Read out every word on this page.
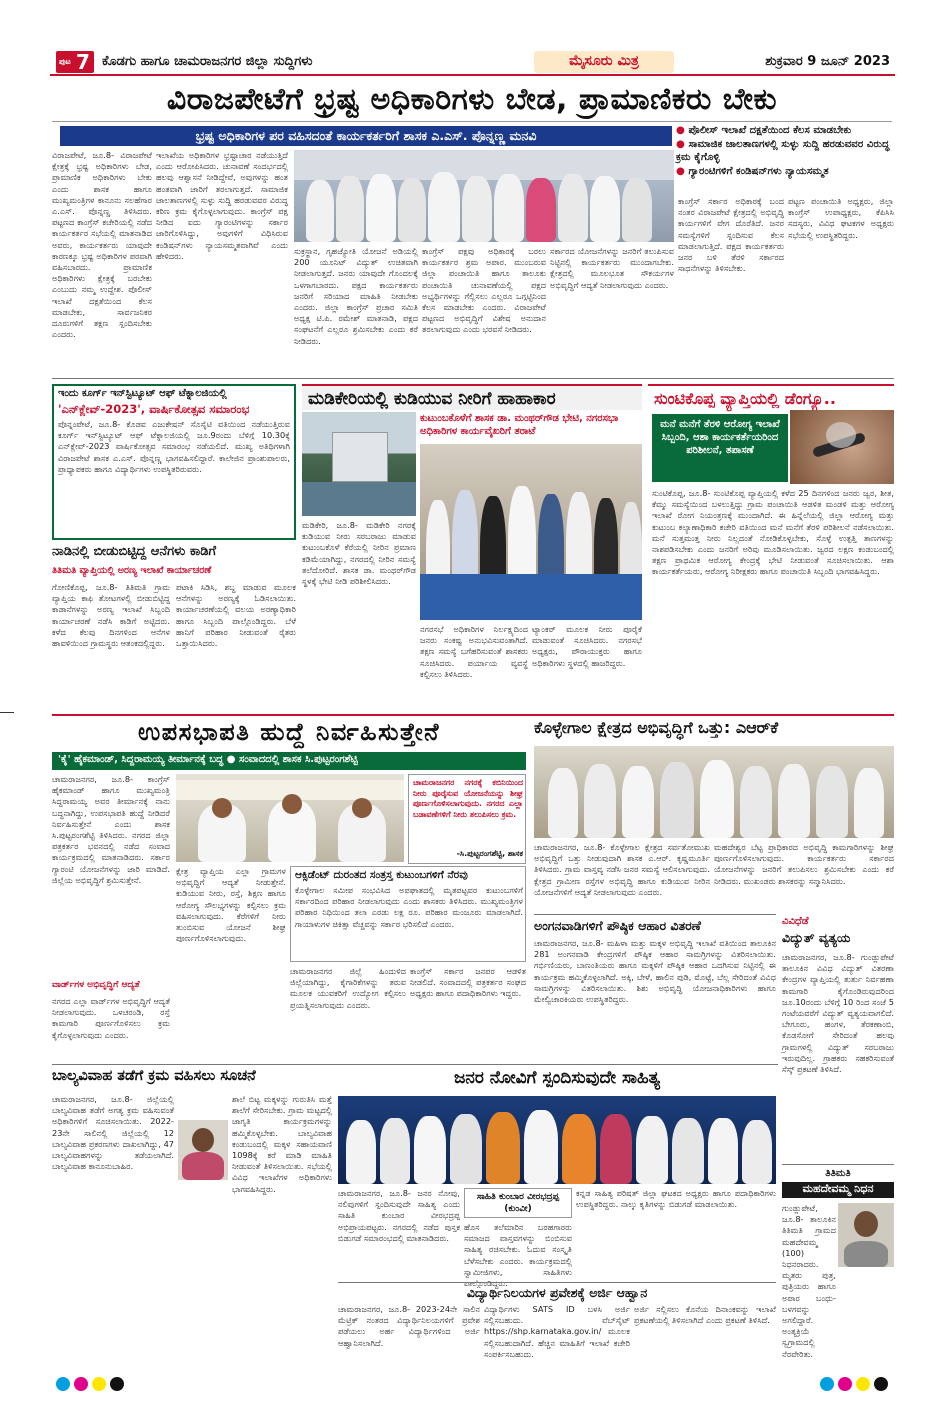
ಪುಟ 7 ಕೊಡಗು ಹಾಗೂ ಚಾಮರಾಜನಗರ ಜಿಲ್ಲಾ ಸುದ್ದಿಗಳು	ಮೈಸೂರು ಮಿತ್ರ	ಶುಕ್ರವಾರ 9 ಜೂನ್ 2023
ವಿರಾಜಪೇಟೆಗೆ ಭ್ರಷ್ಟ ಅಧಿಕಾರಿಗಳು ಬೇಡ, ಪ್ರಾಮಾಣಿಕರು ಬೇಕು
ಭ್ರಷ್ಟ ಅಧಿಕಾರಿಗಳ ಪರ ವಹಿಸದಂತೆ ಕಾರ್ಯಕರ್ತರಿಗೆ ಶಾಸಕ ಎ.ಎಸ್. ಪೊನ್ನಣ್ಣ ಮನವಿ	● ಪೊಲೀಸ್ ಇಲಾಖೆ ದಕ್ಷತೆಯಿಂದ ಕೆಲಸ ಮಾಡಬೇಕು
● ಸಾಮಾಜಿಕ ಜಾಲತಾಣಗಳಲ್ಲಿ ಸುಳ್ಳು ಸುದ್ದಿ ಹರಡುವವರ ವಿರುದ್ಧ ಕ್ರಮ ಕೈಗೊಳ್ಳಿ
● ಗ್ಯಾರಂಟಿಗಳಿಗೆ ಕಂಡಿಷನ್‌ಗಳು ನ್ಯಾಯಸಮ್ಮತ
ವಿರಾಜಪೇಟೆ, ಜೂ.8- ವಿರಾಜಪೇಟೆ ಕ್ಷೇತ್ರಕ್ಕೆ ಭ್ರಷ್ಟ ಅಧಿಕಾರಿಗಳು ಬೇಡ, ಪ್ರಾಮಾಣಿಕ ಅಧಿಕಾರಿಗಳು ಬೇಕು ಎಂದು ಶಾಸಕ ಹಾಗೂ ಮುಖ್ಯಮಂತ್ರಿಗಳ ಕಾನೂನು ಸಲಹೆಗಾರ ಎ.ಎಸ್. ಪೊನ್ನಣ್ಣ ತಿಳಿಸಿದರು. ಪಟ್ಟಣದ ಕಾಂಗ್ರೆಸ್ ಕಚೇರಿಯಲ್ಲಿ ನಡೆದ ಕಾರ್ಯಕರ್ತರ ಸಭೆಯಲ್ಲಿ ಮಾತನಾಡಿದ ಅವರು, ಕಾರ್ಯಕರ್ತರು ಯಾವುದೇ ಕಾರಣಕ್ಕೂ ಭ್ರಷ್ಟ ಅಧಿಕಾರಿಗಳ ಪರವಾಗಿ ವಹಿಸಬಾರದು. ಪ್ರಾಮಾಣಿಕ ಅಧಿಕಾರಿಗಳು ಕ್ಷೇತ್ರಕ್ಕೆ ಬರಬೇಕು ಎಂಬುದು ನಮ್ಮ ಉದ್ದೇಶ. ಪೊಲೀಸ್ ಇಲಾಖೆ ದಕ್ಷತೆಯಿಂದ ಕೆಲಸ ಮಾಡಬೇಕು, ಸಾರ್ವಜನಿಕರ ದೂರುಗಳಿಗೆ ತಕ್ಷಣ ಸ್ಪಂದಿಸಬೇಕು ಎಂದರು.
ಇಲಾಖೆಯ ಅಧಿಕಾರಿಗಳ ಭ್ರಷ್ಟಾಚಾರ ನಡೆಯುತ್ತಿದೆ ಎಂದು ಆರೋಪಿಸಿದರು. ಚುನಾವಣೆ ಸಂದರ್ಭದಲ್ಲಿ ಹಲವು ಆಶ್ವಾಸನೆ ನೀಡಿದ್ದೇವೆ, ಅವುಗಳನ್ನು ಹಂತ ಹಂತವಾಗಿ ಜಾರಿಗೆ ತರಲಾಗುತ್ತದೆ. ಸಾಮಾಜಿಕ ಜಾಲತಾಣಗಳಲ್ಲಿ ಸುಳ್ಳು ಸುದ್ದಿ ಹರಡುವವರ ವಿರುದ್ಧ ಕಠಿಣ ಕ್ರಮ ಕೈಗೊಳ್ಳಲಾಗುವುದು. ಕಾಂಗ್ರೆಸ್ ಪಕ್ಷ ನೀಡಿದ ಐದು ಗ್ಯಾರಂಟಿಗಳನ್ನು ಸರ್ಕಾರ ಜಾರಿಗೊಳಿಸಿದ್ದು, ಅವುಗಳಿಗೆ ವಿಧಿಸಿರುವ ಕಂಡಿಷನ್‌ಗಳು ನ್ಯಾಯಸಮ್ಮತವಾಗಿವೆ ಎಂದು ಹೇಳಿದರು.	ಸುಕ್ರಸ್ಥಾನ, ಗೃಹಜ್ಯೋತಿ ಯೋಜನೆ ಅಡಿಯಲ್ಲಿ 200 ಯೂನಿಟ್ ವಿದ್ಯುತ್ ಉಚಿತವಾಗಿ ನೀಡಲಾಗುತ್ತದೆ. ಜನರು ಯಾವುದೇ ಗೊಂದಲಕ್ಕೆ ಒಳಗಾಗಬಾರದು. ಪಕ್ಷದ ಕಾರ್ಯಕರ್ತರು ಜನರಿಗೆ ಸರಿಯಾದ ಮಾಹಿತಿ ನೀಡಬೇಕು ಎಂದರು. ಜಿಲ್ಲಾ ಕಾಂಗ್ರೆಸ್ ಪ್ರಚಾರ ಸಮಿತಿ ಅಧ್ಯಕ್ಷ ಟಿ.ಪಿ. ರಮೇಶ್ ಮಾತನಾಡಿ, ಪಕ್ಷದ ಸಂಘಟನೆಗೆ ಎಲ್ಲರೂ ಶ್ರಮಿಸಬೇಕು ಎಂದು ಕರೆ ನೀಡಿದರು.
ಕಾಂಗ್ರೆಸ್ ಪಕ್ಷವು ಅಧಿಕಾರಕ್ಕೆ ಬರಲು ಕಾರ್ಯಕರ್ತರ ಶ್ರಮ ಅಪಾರ. ಮುಂಬರುವ ಜಿಲ್ಲಾ ಪಂಚಾಯಿತಿ ಹಾಗೂ ತಾಲೂಕು ಪಂಚಾಯಿತಿ ಚುನಾವಣೆಯಲ್ಲಿ ಪಕ್ಷದ ಅಭ್ಯರ್ಥಿಗಳನ್ನು ಗೆಲ್ಲಿಸಲು ಎಲ್ಲರೂ ಒಗ್ಗಟ್ಟಿನಿಂದ ಕೆಲಸ ಮಾಡಬೇಕು ಎಂದರು. ವಿರಾಜಪೇಟೆ ಪಟ್ಟಣದ ಅಭಿವೃದ್ಧಿಗೆ ವಿಶೇಷ ಅನುದಾನ ತರಲಾಗುವುದು ಎಂದು ಭರವಸೆ ನೀಡಿದರು.
ಸರ್ಕಾರದ ಯೋಜನೆಗಳನ್ನು ಜನರಿಗೆ ತಲುಪಿಸುವ ನಿಟ್ಟಿನಲ್ಲಿ ಕಾರ್ಯಕರ್ತರು ಮುಂದಾಗಬೇಕು. ಕ್ಷೇತ್ರದಲ್ಲಿ ಮೂಲಭೂತ ಸೌಕರ್ಯಗಳ ಅಭಿವೃದ್ಧಿಗೆ ಆದ್ಯತೆ ನೀಡಲಾಗುವುದು ಎಂದರು.
ಕಾಂಗ್ರೆಸ್ ಸರ್ಕಾರ ಅಧಿಕಾರಕ್ಕೆ ಬಂದ ನಂತರ ವಿರಾಜಪೇಟೆ ಕ್ಷೇತ್ರದಲ್ಲಿ ಅಭಿವೃದ್ಧಿ ಕಾರ್ಯಗಳಿಗೆ ವೇಗ ದೊರೆತಿದೆ. ಜನರ ಸಮಸ್ಯೆಗಳಿಗೆ ಸ್ಪಂದಿಸುವ ಕೆಲಸ ಮಾಡಲಾಗುತ್ತಿದೆ. ಪಕ್ಷದ ಕಾರ್ಯಕರ್ತರು ಜನರ ಬಳಿ ತೆರಳಿ ಸರ್ಕಾರದ ಸಾಧನೆಗಳನ್ನು ತಿಳಿಸಬೇಕು.
ಪಟ್ಟಣ ಪಂಚಾಯಿತಿ ಅಧ್ಯಕ್ಷರು, ಜಿಲ್ಲಾ ಕಾಂಗ್ರೆಸ್ ಉಪಾಧ್ಯಕ್ಷರು, ಕೆಪಿಸಿಸಿ ಸದಸ್ಯರು, ವಿವಿಧ ಘಟಕಗಳ ಅಧ್ಯಕ್ಷರು ಸಭೆಯಲ್ಲಿ ಉಪಸ್ಥಿತರಿದ್ದರು.
ಇಂದು ಕೂರ್ಗ್ ಇನ್‌ಸ್ಟಿಟ್ಯೂಟ್ ಆಫ್ ಟೆಕ್ನಾಲಜಿಯಲ್ಲಿ
'ಎನ್‌ಕ್ಲೇವ್-2023', ವಾರ್ಷಿಕೋತ್ಸವ ಸಮಾರಂಭ
ಪೊನ್ನಂಪೇಟೆ, ಜೂ.8- ಕೊಡವ ಎಜುಕೇಷನ್ ಸೊಸೈಟಿ ವತಿಯಿಂದ ನಡೆಯುತ್ತಿರುವ ಕೂರ್ಗ್ ಇನ್‌ಸ್ಟಿಟ್ಯೂಟ್ ಆಫ್ ಟೆಕ್ನಾಲಜಿಯಲ್ಲಿ ಜೂ.9ರಂದು ಬೆಳಿಗ್ಗೆ 10.30ಕ್ಕೆ ಎನ್‌ಕ್ಲೇವ್-2023 ವಾರ್ಷಿಕೋತ್ಸವ ಸಮಾರಂಭ ನಡೆಯಲಿದೆ. ಮುಖ್ಯ ಅತಿಥಿಗಳಾಗಿ ವಿರಾಜಪೇಟೆ ಶಾಸಕ ಎ.ಎಸ್. ಪೊನ್ನಣ್ಣ ಭಾಗವಹಿಸಲಿದ್ದಾರೆ. ಕಾಲೇಜಿನ ಪ್ರಾಂಶುಪಾಲರು, ಪ್ರಾಧ್ಯಾಪಕರು ಹಾಗೂ ವಿದ್ಯಾರ್ಥಿಗಳು ಉಪಸ್ಥಿತರಿರುವರು.
ಮಡಿಕೇರಿಯಲ್ಲಿ ಕುಡಿಯುವ ನೀರಿಗೆ ಹಾಹಾಕಾರ
ಕುಟುಂಬಕೊಳೆಗೆ ಶಾಸಕ ಡಾ. ಮಂಥರ್‌ಗೌಡ ಭೇಟಿ, ನಗರಸಭಾ ಅಧಿಕಾರಿಗಳ ಕಾರ್ಯವೈಖರಿಗೆ ತರಾಟೆ
ಮಡಿಕೇರಿ, ಜೂ.8- ಮಡಿಕೇರಿ ನಗರಕ್ಕೆ ಕುಡಿಯುವ ನೀರು ಸರಬರಾಜು ಮಾಡುವ ಕುಟುಂಬಕೊಳೆ ಕೆರೆಯಲ್ಲಿ ನೀರಿನ ಪ್ರಮಾಣ ಕಡಿಮೆಯಾಗಿದ್ದು, ನಗರದಲ್ಲಿ ನೀರಿನ ಸಮಸ್ಯೆ ತಲೆದೋರಿದೆ. ಶಾಸಕ ಡಾ. ಮಂಥರ್‌ಗೌಡ ಸ್ಥಳಕ್ಕೆ ಭೇಟಿ ನೀಡಿ ಪರಿಶೀಲಿಸಿದರು.
ನಗರಸಭೆ ಅಧಿಕಾರಿಗಳ ನಿರ್ಲಕ್ಷ್ಯದಿಂದ ಜನರು ಸಂಕಷ್ಟ ಅನುಭವಿಸುವಂತಾಗಿದೆ. ತಕ್ಷಣ ಸಮಸ್ಯೆ ಬಗೆಹರಿಸುವಂತೆ ಶಾಸಕರು ಸೂಚಿಸಿದರು. ಪರ್ಯಾಯ ವ್ಯವಸ್ಥೆ ಕಲ್ಪಿಸಲು ತಿಳಿಸಿದರು.
ಟ್ಯಾಂಕರ್ ಮೂಲಕ ನೀರು ಪೂರೈಕೆ ಮಾಡುವಂತೆ ಸೂಚಿಸಿದರು. ನಗರಸಭೆ ಅಧ್ಯಕ್ಷರು, ಪೌರಾಯುಕ್ತರು ಹಾಗೂ ಅಧಿಕಾರಿಗಳು ಸ್ಥಳದಲ್ಲಿ ಹಾಜರಿದ್ದರು.
ಸುಂಟಿಕೊಪ್ಪ ವ್ಯಾಪ್ತಿಯಲ್ಲಿ ಡೆಂಗ್ಯೂ..
ಮನೆ ಮನೆಗೆ ತೆರಳಿ ಆರೋಗ್ಯ ಇಲಾಖೆ ಸಿಬ್ಬಂದಿ, ಆಶಾ ಕಾರ್ಯಕರ್ತೆಯರಿಂದ ಪರಿಶೀಲನೆ, ತಪಾಸಣೆ
ಸುಂಟಿಕೊಪ್ಪ, ಜೂ.8- ಸುಂಟಿಕೊಪ್ಪ ವ್ಯಾಪ್ತಿಯಲ್ಲಿ ಕಳೆದ 25 ದಿನಗಳಿಂದ ಜನರು ಜ್ವರ, ಶೀತ, ಕೆಮ್ಮು ಸಮಸ್ಯೆಯಿಂದ ಬಳಲುತ್ತಿದ್ದು ಗ್ರಾಮ ಪಂಚಾಯಿತಿ ಆಡಳಿತ ಮಂಡಳಿ ಮತ್ತು ಆರೋಗ್ಯ ಇಲಾಖೆ ರೋಗ ನಿಯಂತ್ರಣಕ್ಕೆ ಮುಂದಾಗಿದೆ. ಈ ಹಿನ್ನೆಲೆಯಲ್ಲಿ ಜಿಲ್ಲಾ ಆರೋಗ್ಯ ಮತ್ತು ಕುಟುಂಬ ಕಲ್ಯಾಣಾಧಿಕಾರಿ ಕಚೇರಿ ವತಿಯಿಂದ ಮನೆ ಮನೆಗೆ ತೆರಳಿ ಪರಿಶೀಲನೆ ನಡೆಸಲಾಯಿತು. ಮನೆ ಸುತ್ತಮುತ್ತ ನೀರು ನಿಲ್ಲದಂತೆ ನೋಡಿಕೊಳ್ಳಬೇಕು, ಸೊಳ್ಳೆ ಉತ್ಪತ್ತಿ ತಾಣಗಳನ್ನು ನಾಶಪಡಿಸಬೇಕು ಎಂದು ಜನರಿಗೆ ಅರಿವು ಮೂಡಿಸಲಾಯಿತು. ಜ್ವರದ ಲಕ್ಷಣ ಕಂಡುಬಂದಲ್ಲಿ ತಕ್ಷಣ ಪ್ರಾಥಮಿಕ ಆರೋಗ್ಯ ಕೇಂದ್ರಕ್ಕೆ ಭೇಟಿ ನೀಡುವಂತೆ ಸೂಚಿಸಲಾಯಿತು. ಆಶಾ ಕಾರ್ಯಕರ್ತೆಯರು, ಆರೋಗ್ಯ ನಿರೀಕ್ಷಕರು ಹಾಗೂ ಪಂಚಾಯಿತಿ ಸಿಬ್ಬಂದಿ ಭಾಗವಹಿಸಿದ್ದರು.
ನಾಡಿನಲ್ಲಿ ಬೀಡುಬಿಟ್ಟಿದ್ದ ಆನೆಗಳು ಕಾಡಿಗೆ
ತಿತಿಮತಿ ವ್ಯಾಪ್ತಿಯಲ್ಲಿ ಅರಣ್ಯ ಇಲಾಖೆ ಕಾರ್ಯಾಚರಣೆ
ಗೋಣಿಕೊಪ್ಪ, ಜೂ.8- ತಿತಿಮತಿ ಗ್ರಾಮ ವ್ಯಾಪ್ತಿಯ ಕಾಫಿ ತೋಟಗಳಲ್ಲಿ ಬೀಡುಬಿಟ್ಟಿದ್ದ ಕಾಡಾನೆಗಳನ್ನು ಅರಣ್ಯ ಇಲಾಖೆ ಸಿಬ್ಬಂದಿ ಕಾರ್ಯಾಚರಣೆ ನಡೆಸಿ ಕಾಡಿಗೆ ಅಟ್ಟಿದರು. ಕಳೆದ ಕೆಲವು ದಿನಗಳಿಂದ ಆನೆಗಳ ಹಾವಳಿಯಿಂದ ಗ್ರಾಮಸ್ಥರು ಆತಂಕದಲ್ಲಿದ್ದರು.
ಪಟಾಕಿ ಸಿಡಿಸಿ, ಶಬ್ದ ಮಾಡುವ ಮೂಲಕ ಆನೆಗಳನ್ನು ಅರಣ್ಯಕ್ಕೆ ಓಡಿಸಲಾಯಿತು. ಕಾರ್ಯಾಚರಣೆಯಲ್ಲಿ ವಲಯ ಅರಣ್ಯಾಧಿಕಾರಿ ಹಾಗೂ ಸಿಬ್ಬಂದಿ ಪಾಲ್ಗೊಂಡಿದ್ದರು. ಬೆಳೆ ಹಾನಿಗೆ ಪರಿಹಾರ ನೀಡುವಂತೆ ರೈತರು ಒತ್ತಾಯಿಸಿದರು.
ಉಪಸಭಾಪತಿ ಹುದ್ದೆ ನಿರ್ವಹಿಸುತ್ತೇನೆ
'ಕೈ' ಹೈಕಮಾಂಡ್, ಸಿದ್ದರಾಮಯ್ಯ ತೀರ್ಮಾನಕ್ಕೆ ಬದ್ಧ ● ಸಂವಾದದಲ್ಲಿ ಶಾಸಕ ಸಿ.ಪುಟ್ಟರಂಗಶೆಟ್ಟಿ
ಚಾಮರಾಜನಗರ, ಜೂ.8- ಕಾಂಗ್ರೆಸ್ ಹೈಕಮಾಂಡ್ ಹಾಗೂ ಮುಖ್ಯಮಂತ್ರಿ ಸಿದ್ದರಾಮಯ್ಯ ಅವರ ತೀರ್ಮಾನಕ್ಕೆ ನಾನು ಬದ್ಧನಾಗಿದ್ದು, ಉಪಸಭಾಪತಿ ಹುದ್ದೆ ನೀಡಿದರೆ ನಿರ್ವಹಿಸುತ್ತೇನೆ ಎಂದು ಶಾಸಕ ಸಿ.ಪುಟ್ಟರಂಗಶೆಟ್ಟಿ ತಿಳಿಸಿದರು. ನಗರದ ಜಿಲ್ಲಾ ಪತ್ರಕರ್ತರ ಭವನದಲ್ಲಿ ನಡೆದ ಸಂವಾದ ಕಾರ್ಯಕ್ರಮದಲ್ಲಿ ಮಾತನಾಡಿದರು. ಸರ್ಕಾರ ಗ್ಯಾರಂಟಿ ಯೋಜನೆಗಳನ್ನು ಜಾರಿ ಮಾಡಿದೆ. ಜಿಲ್ಲೆಯ ಅಭಿವೃದ್ಧಿಗೆ ಶ್ರಮಿಸುತ್ತೇನೆ.
ವಾರ್ಡ್‌ಗಳ ಅಭಿವೃದ್ಧಿಗೆ ಆದ್ಯತೆ
ನಗರದ ಎಲ್ಲಾ ವಾರ್ಡ್‌ಗಳ ಅಭಿವೃದ್ಧಿಗೆ ಆದ್ಯತೆ ನೀಡಲಾಗುವುದು. ಒಳಚರಂಡಿ, ರಸ್ತೆ ಕಾಮಗಾರಿ ಪೂರ್ಣಗೊಳಿಸಲು ಕ್ರಮ ಕೈಗೊಳ್ಳಲಾಗುವುದು ಎಂದರು.
ಚಾಮರಾಜನಗರ ನಗರಕ್ಕೆ ಕಬಿನಿಯಿಂದ ನೀರು ಪೂರೈಸುವ ಯೋಜನೆಯನ್ನು ಶೀಘ್ರ ಪೂರ್ಣಗೊಳಿಸಲಾಗುವುದು. ನಗರದ ಎಲ್ಲಾ ಬಡಾವಣೆಗಳಿಗೆ ನೀರು ತಲುಪಿಸಲು ಕ್ರಮ.
-ಸಿ.ಪುಟ್ಟರಂಗಶೆಟ್ಟಿ, ಶಾಸಕ
ಕ್ಷೇತ್ರ ವ್ಯಾಪ್ತಿಯ ಎಲ್ಲಾ ಗ್ರಾಮಗಳ ಅಭಿವೃದ್ಧಿಗೆ ಆದ್ಯತೆ ನೀಡುತ್ತೇನೆ. ಕುಡಿಯುವ ನೀರು, ರಸ್ತೆ, ಶಿಕ್ಷಣ ಹಾಗೂ ಆರೋಗ್ಯ ಸೌಲಭ್ಯಗಳನ್ನು ಕಲ್ಪಿಸಲು ಕ್ರಮ ವಹಿಸಲಾಗುವುದು. ಕೆರೆಗಳಿಗೆ ನೀರು ತುಂಬಿಸುವ ಯೋಜನೆ ಶೀಘ್ರ ಪೂರ್ಣಗೊಳಿಸಲಾಗುವುದು.
ಆಕ್ಸಿಡೆಂಟ್ ದುರಂತದ ಸಂತ್ರಸ್ತ ಕುಟುಂಬಗಳಿಗೆ ನೆರವು
ಕೊಳ್ಳೇಗಾಲ ಸಮೀಪ ಸಂಭವಿಸಿದ ಅಪಘಾತದಲ್ಲಿ ಮೃತಪಟ್ಟವರ ಕುಟುಂಬಗಳಿಗೆ ಸರ್ಕಾರದಿಂದ ಪರಿಹಾರ ನೀಡಲಾಗುವುದು ಎಂದು ಶಾಸಕರು ತಿಳಿಸಿದರು. ಮುಖ್ಯಮಂತ್ರಿಗಳ ಪರಿಹಾರ ನಿಧಿಯಿಂದ ತಲಾ ಎರಡು ಲಕ್ಷ ರೂ. ಪರಿಹಾರ ಮಂಜೂರು ಮಾಡಲಾಗಿದೆ. ಗಾಯಾಳುಗಳ ಚಿಕಿತ್ಸಾ ವೆಚ್ಚವನ್ನು ಸರ್ಕಾರ ಭರಿಸಲಿದೆ ಎಂದರು.
ಚಾಮರಾಜನಗರ ಜಿಲ್ಲೆ ಹಿಂದುಳಿದ ಜಿಲ್ಲೆಯಾಗಿದ್ದು, ಕೈಗಾರಿಕೆಗಳನ್ನು ತರುವ ಮೂಲಕ ಯುವಕರಿಗೆ ಉದ್ಯೋಗ ಕಲ್ಪಿಸಲು ಪ್ರಯತ್ನಿಸಲಾಗುವುದು ಎಂದರು.
ಕಾಂಗ್ರೆಸ್ ಸರ್ಕಾರ ಜನಪರ ಆಡಳಿತ ನೀಡಲಿದೆ. ಸಂವಾದದಲ್ಲಿ ಪತ್ರಕರ್ತರ ಸಂಘದ ಅಧ್ಯಕ್ಷರು ಹಾಗೂ ಪದಾಧಿಕಾರಿಗಳು ಇದ್ದರು.
ಕೊಳ್ಳೇಗಾಲ ಕ್ಷೇತ್ರದ ಅಭಿವೃದ್ಧಿಗೆ ಒತ್ತು: ಎಆರ್‌ಕೆ
ಚಾಮರಾಜನಗರ, ಜೂ.8- ಕೊಳ್ಳೇಗಾಲ ಕ್ಷೇತ್ರದ ಸರ್ವತೋಮುಖ ಅಭಿವೃದ್ಧಿಗೆ ಒತ್ತು ನೀಡುವುದಾಗಿ ಶಾಸಕ ಎ.ಆರ್. ಕೃಷ್ಣಮೂರ್ತಿ ತಿಳಿಸಿದರು. ಗ್ರಾಮ ವಾಸ್ತವ್ಯ ನಡೆಸಿ ಜನರ ಸಮಸ್ಯೆ ಆಲಿಸಲಾಗುವುದು. ಕ್ಷೇತ್ರದ ಗ್ರಾಮೀಣ ರಸ್ತೆಗಳ ಅಭಿವೃದ್ಧಿ ಹಾಗೂ ಕುಡಿಯುವ ನೀರಿನ ಯೋಜನೆಗಳಿಗೆ ಆದ್ಯತೆ ನೀಡಲಾಗುವುದು ಎಂದರು.
ಮಹದೇಶ್ವರ ಬೆಟ್ಟ ಪ್ರಾಧಿಕಾರದ ಅಭಿವೃದ್ಧಿ ಕಾಮಗಾರಿಗಳನ್ನು ಶೀಘ್ರ ಪೂರ್ಣಗೊಳಿಸಲಾಗುವುದು. ಕಾರ್ಯಕರ್ತರು ಸರ್ಕಾರದ ಯೋಜನೆಗಳನ್ನು ಜನರಿಗೆ ತಲುಪಿಸಲು ಶ್ರಮಿಸಬೇಕು ಎಂದು ಕರೆ ನೀಡಿದರು. ಮುಖಂಡರು ಶಾಸಕರನ್ನು ಸನ್ಮಾನಿಸಿದರು.
ಅಂಗನವಾಡಿಗಳಿಗೆ ಪೌಷ್ಠಿಕ ಆಹಾರ ವಿತರಣೆ
ಚಾಮರಾಜನಗರ, ಜೂ.8- ಮಹಿಳಾ ಮತ್ತು ಮಕ್ಕಳ ಅಭಿವೃದ್ಧಿ ಇಲಾಖೆ ವತಿಯಿಂದ ತಾಲೂಕಿನ 281 ಅಂಗನವಾಡಿ ಕೇಂದ್ರಗಳಿಗೆ ಪೌಷ್ಠಿಕ ಆಹಾರ ಸಾಮಗ್ರಿಗಳನ್ನು ವಿತರಿಸಲಾಯಿತು. ಗರ್ಭಿಣಿಯರು, ಬಾಣಂತಿಯರು ಹಾಗೂ ಮಕ್ಕಳಿಗೆ ಪೌಷ್ಠಿಕ ಆಹಾರ ಒದಗಿಸುವ ನಿಟ್ಟಿನಲ್ಲಿ ಈ ಕಾರ್ಯಕ್ರಮ ಹಮ್ಮಿಕೊಳ್ಳಲಾಗಿದೆ. ಅಕ್ಕಿ, ಬೇಳೆ, ಹಾಲಿನ ಪುಡಿ, ಮೊಟ್ಟೆ, ಬೆಲ್ಲ ಸೇರಿದಂತೆ ವಿವಿಧ ಸಾಮಗ್ರಿಗಳನ್ನು ವಿತರಿಸಲಾಯಿತು. ಶಿಶು ಅಭಿವೃದ್ಧಿ ಯೋಜನಾಧಿಕಾರಿಗಳು ಹಾಗೂ ಮೇಲ್ವಿಚಾರಕಿಯರು ಉಪಸ್ಥಿತರಿದ್ದರು.
ವಿವಿಧೆಡೆ
ವಿದ್ಯುತ್ ವ್ಯತ್ಯಯ
ಚಾಮರಾಜನಗರ, ಜೂ.8- ಗುಂಡ್ಲುಪೇಟೆ ತಾಲೂಕಿನ ವಿವಿಧ ವಿದ್ಯುತ್ ವಿತರಣಾ ಕೇಂದ್ರಗಳ ವ್ಯಾಪ್ತಿಯಲ್ಲಿ ತುರ್ತು ನಿರ್ವಹಣಾ ಕಾಮಗಾರಿ ಕೈಗೊಂಡಿರುವುದರಿಂದ ಜೂ.10ರಂದು ಬೆಳಿಗ್ಗೆ 10 ರಿಂದ ಸಂಜೆ 5 ಗಂಟೆಯವರೆಗೆ ವಿದ್ಯುತ್ ವ್ಯತ್ಯಯವಾಗಲಿದೆ. ಬೇಗೂರು, ಹಂಗಳ, ತೆರಕಣಾಂಬಿ, ಕೊಡಸೋಗೆ ಸೇರಿದಂತೆ ಹಲವು ಗ್ರಾಮಗಳಲ್ಲಿ ವಿದ್ಯುತ್ ಸರಬರಾಜು ಇರುವುದಿಲ್ಲ. ಗ್ರಾಹಕರು ಸಹಕರಿಸುವಂತೆ ಸೆಸ್ಕ್ ಪ್ರಕಟಣೆ ತಿಳಿಸಿದೆ.
ಬಾಲ್ಯವಿವಾಹ ತಡೆಗೆ ಕ್ರಮ ವಹಿಸಲು ಸೂಚನೆ
ಚಾಮರಾಜನಗರ, ಜೂ.8- ಜಿಲ್ಲೆಯಲ್ಲಿ ಬಾಲ್ಯವಿವಾಹ ತಡೆಗೆ ಅಗತ್ಯ ಕ್ರಮ ವಹಿಸುವಂತೆ ಅಧಿಕಾರಿಗಳಿಗೆ ಸೂಚಿಸಲಾಯಿತು. 2022-23ನೇ ಸಾಲಿನಲ್ಲಿ ಜಿಲ್ಲೆಯಲ್ಲಿ 12 ಬಾಲ್ಯವಿವಾಹ ಪ್ರಕರಣಗಳು ದಾಖಲಾಗಿದ್ದು, 47 ಬಾಲ್ಯವಿವಾಹಗಳನ್ನು ತಡೆಯಲಾಗಿದೆ. ಬಾಲ್ಯವಿವಾಹ ಕಾನೂನುಬಾಹಿರ.
ಶಾಲೆ ಬಿಟ್ಟ ಮಕ್ಕಳನ್ನು ಗುರುತಿಸಿ ಮತ್ತೆ ಶಾಲೆಗೆ ಸೇರಿಸಬೇಕು. ಗ್ರಾಮ ಮಟ್ಟದಲ್ಲಿ ಜಾಗೃತಿ ಕಾರ್ಯಕ್ರಮಗಳನ್ನು ಹಮ್ಮಿಕೊಳ್ಳಬೇಕು. ಬಾಲ್ಯವಿವಾಹ ಕಂಡುಬಂದಲ್ಲಿ ಮಕ್ಕಳ ಸಹಾಯವಾಣಿ 1098ಕ್ಕೆ ಕರೆ ಮಾಡಿ ಮಾಹಿತಿ ನೀಡುವಂತೆ ತಿಳಿಸಲಾಯಿತು. ಸಭೆಯಲ್ಲಿ ವಿವಿಧ ಇಲಾಖೆಗಳ ಅಧಿಕಾರಿಗಳು ಭಾಗವಹಿಸಿದ್ದರು.
ಜನರ ನೋವಿಗೆ ಸ್ಪಂದಿಸುವುದೇ ಸಾಹಿತ್ಯ
ಚಾಮರಾಜನಗರ, ಜೂ.8- ಜನರ ನೋವು, ನಲಿವುಗಳಿಗೆ ಸ್ಪಂದಿಸುವುದೇ ಸಾಹಿತ್ಯ ಎಂದು ಸಾಹಿತಿ ಕುಂಬಾರ ವೀರಭದ್ರಪ್ಪ ಅಭಿಪ್ರಾಯಪಟ್ಟರು. ನಗರದಲ್ಲಿ ನಡೆದ ಪುಸ್ತಕ ಬಿಡುಗಡೆ ಸಮಾರಂಭದಲ್ಲಿ ಮಾತನಾಡಿದರು.
ಸಾಹಿತಿ ಕುಂಬಾರ ವೀರಭದ್ರಪ್ಪ (ಕುಂವೀ)
ಹೊಸ ತಲೆಮಾರಿನ ಬರಹಗಾರರು ಸಮಾಜದ ವಾಸ್ತವಗಳನ್ನು ಬಿಂಬಿಸುವ ಸಾಹಿತ್ಯ ರಚಿಸಬೇಕು. ಓದುವ ಸಂಸ್ಕೃತಿ ಬೆಳೆಸಬೇಕು ಎಂದರು. ಕಾರ್ಯಕ್ರಮದಲ್ಲಿ ಸ್ವಾಮೀಜಿಗಳು, ಸಾಹಿತಿಗಳು ಪಾಲ್ಗೊಂಡಿದ್ದರು.
ಕನ್ನಡ ಸಾಹಿತ್ಯ ಪರಿಷತ್ ಜಿಲ್ಲಾ ಘಟಕದ ಅಧ್ಯಕ್ಷರು ಹಾಗೂ ಪದಾಧಿಕಾರಿಗಳು ಉಪಸ್ಥಿತರಿದ್ದರು. ನಾಲ್ಕು ಕೃತಿಗಳನ್ನು ಬಿಡುಗಡೆ ಮಾಡಲಾಯಿತು.
ವಿದ್ಯಾರ್ಥಿನಿಲಯಗಳ ಪ್ರವೇಶಕ್ಕೆ ಅರ್ಜಿ ಆಹ್ವಾನ
ಚಾಮರಾಜನಗರ, ಜೂ.8- 2023-24ನೇ ಸಾಲಿನ ಮೆಟ್ರಿಕ್ ನಂತರದ ವಿದ್ಯಾರ್ಥಿನಿಲಯಗಳಿಗೆ ಪ್ರವೇಶ ಪಡೆಯಲು ಅರ್ಹ ವಿದ್ಯಾರ್ಥಿಗಳಿಂದ ಅರ್ಜಿ ಆಹ್ವಾನಿಸಲಾಗಿದೆ.
ವಿದ್ಯಾರ್ಥಿಗಳು SATS ID ಬಳಸಿ ಅರ್ಜಿ ಸಲ್ಲಿಸಬಹುದು. ವೆಬ್‌ಸೈಟ್ https://shp.karnataka.gov.in/ ಮೂಲಕ ಸಲ್ಲಿಸಬಹುದಾಗಿದೆ. ಹೆಚ್ಚಿನ ಮಾಹಿತಿಗೆ ಇಲಾಖೆ ಕಚೇರಿ ಸಂಪರ್ಕಿಸಬಹುದು.
ಅರ್ಜಿ ಸಲ್ಲಿಸಲು ಕೊನೆಯ ದಿನಾಂಕವನ್ನು ಇಲಾಖೆ ಪ್ರಕಟಣೆಯಲ್ಲಿ ತಿಳಿಸಲಾಗಿದೆ ಎಂದು ಪ್ರಕಟಣೆ ತಿಳಿಸಿದೆ.
ತಿತಿಮತಿ
ಮಹದೇವಮ್ಮ ನಿಧನ
ಗುಂಡ್ಲುಪೇಟೆ, ಜೂ.8- ತಾಲೂಕಿನ ತಿತಿಮತಿ ಗ್ರಾಮದ ಮಹದೇವಮ್ಮ (100) ನಿಧನರಾದರು. ಮೃತರು ಪುತ್ರ, ಪುತ್ರಿಯರು ಹಾಗೂ ಅಪಾರ ಬಂಧು-ಬಳಗವನ್ನು ಅಗಲಿದ್ದಾರೆ. ಅಂತ್ಯಕ್ರಿಯೆ ಸ್ವಗ್ರಾಮದಲ್ಲಿ ನೆರವೇರಿತು.
